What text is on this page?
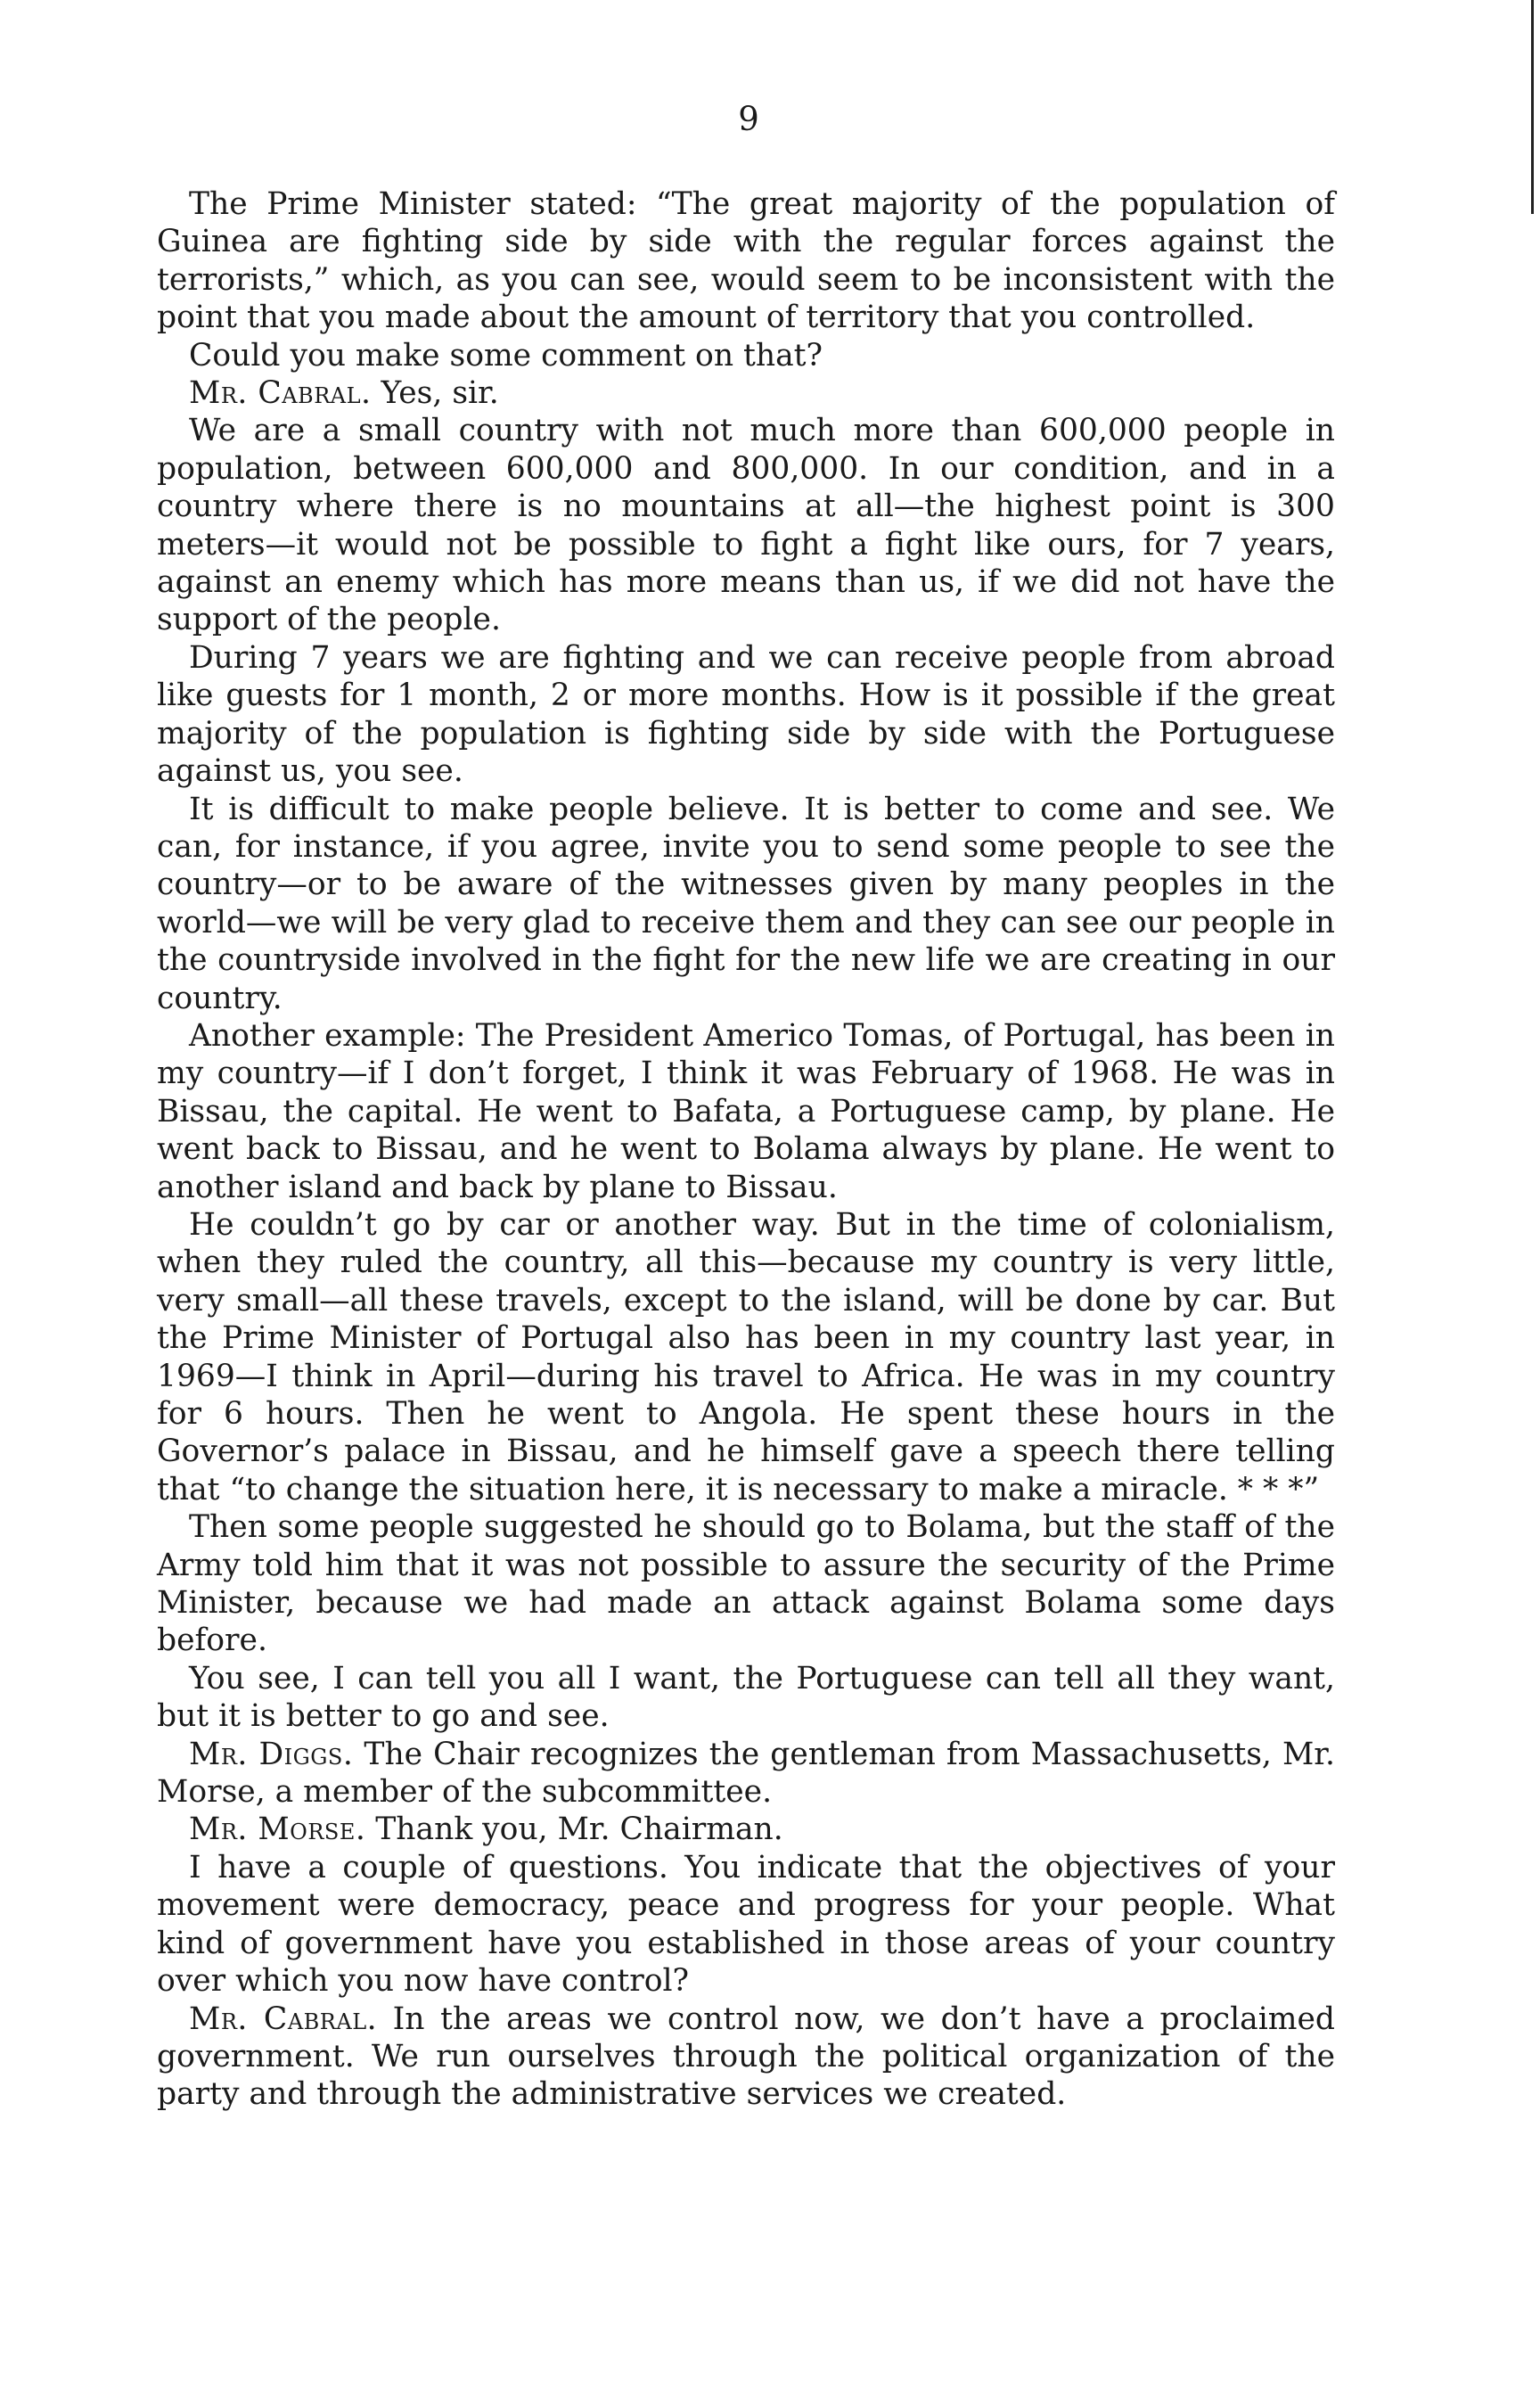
9

The Prime Minister stated: “The great majority of the population of Guinea are fighting side by side with the regular forces against the terrorists,” which, as you can see, would seem to be inconsistent with the point that you made about the amount of territory that you controlled.

Could you make some comment on that?

Mr. Cabral. Yes, sir.

We are a small country with not much more than 600,000 people in population, between 600,000 and 800,000. In our condition, and in a country where there is no mountains at all—the highest point is 300 meters—it would not be possible to fight a fight like ours, for 7 years, against an enemy which has more means than us, if we did not have the support of the people.

During 7 years we are fighting and we can receive people from abroad like guests for 1 month, 2 or more months. How is it possible if the great majority of the population is fighting side by side with the Portuguese against us, you see.

It is difficult to make people believe. It is better to come and see. We can, for instance, if you agree, invite you to send some people to see the country—or to be aware of the witnesses given by many peoples in the world—we will be very glad to receive them and they can see our people in the countryside involved in the fight for the new life we are creating in our country.

Another example: The President Americo Tomas, of Portugal, has been in my country—if I don’t forget, I think it was February of 1968. He was in Bissau, the capital. He went to Bafata, a Portuguese camp, by plane. He went back to Bissau, and he went to Bolama always by plane. He went to another island and back by plane to Bissau.

He couldn’t go by car or another way. But in the time of colonialism, when they ruled the country, all this—because my country is very little, very small—all these travels, except to the island, will be done by car. But the Prime Minister of Portugal also has been in my country last year, in 1969—I think in April—during his travel to Africa. He was in my country for 6 hours. Then he went to Angola. He spent these hours in the Governor’s palace in Bissau, and he himself gave a speech there telling that “to change the situation here, it is necessary to make a miracle. * * *”

Then some people suggested he should go to Bolama, but the staff of the Army told him that it was not possible to assure the security of the Prime Minister, because we had made an attack against Bolama some days before.

You see, I can tell you all I want, the Portuguese can tell all they want, but it is better to go and see.

Mr. Diggs. The Chair recognizes the gentleman from Massachusetts, Mr. Morse, a member of the subcommittee.

Mr. Morse. Thank you, Mr. Chairman.

I have a couple of questions. You indicate that the objectives of your movement were democracy, peace and progress for your people. What kind of government have you established in those areas of your country over which you now have control?

Mr. Cabral. In the areas we control now, we don’t have a proclaimed government. We run ourselves through the political organization of the party and through the administrative services we created.
